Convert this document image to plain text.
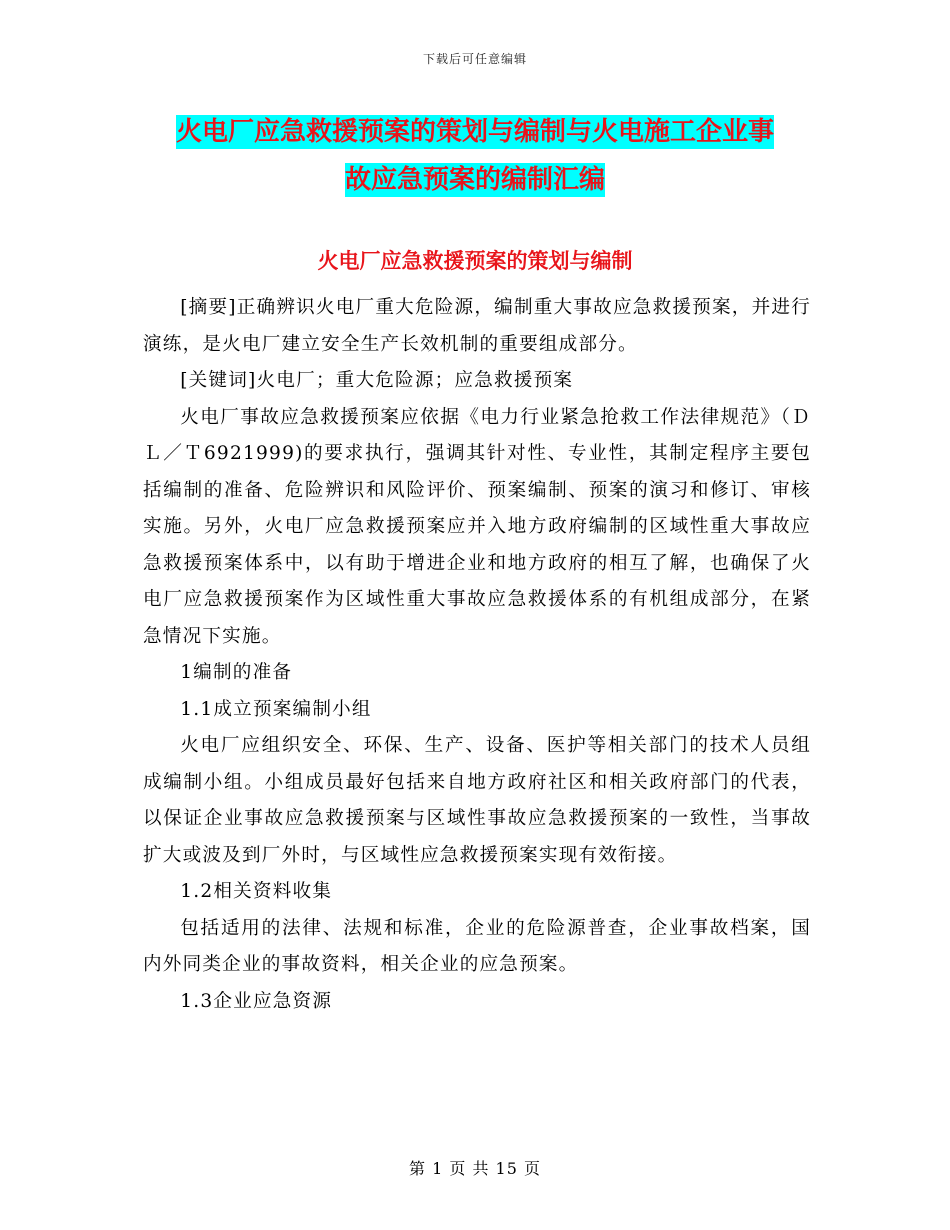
下载后可任意编辑
火电厂应急救援预案的策划与编制与火电施工企业事
故应急预案的编制汇编
火电厂应急救援预案的策划与编制

[摘要]正确辨识火电厂重大危险源，编制重大事故应急救援预案，并进行演练，是火电厂建立安全生产长效机制的重要组成部分。

[关键词]火电厂；重大危险源；应急救援预案

火电厂事故应急救援预案应依据《电力行业紧急抢救工作法律规范》（ＤＬ／Ｔ6921999)的要求执行，强调其针对性、专业性，其制定程序主要包括编制的准备、危险辨识和风险评价、预案编制、预案的演习和修订、审核实施。另外，火电厂应急救援预案应并入地方政府编制的区域性重大事故应急救援预案体系中，以有助于增进企业和地方政府的相互了解，也确保了火电厂应急救援预案作为区域性重大事故应急救援体系的有机组成部分，在紧急情况下实施。

1编制的准备

1.1成立预案编制小组

火电厂应组织安全、环保、生产、设备、医护等相关部门的技术人员组成编制小组。小组成员最好包括来自地方政府社区和相关政府部门的代表，以保证企业事故应急救援预案与区域性事故应急救援预案的一致性，当事故扩大或波及到厂外时，与区域性应急救援预案实现有效衔接。

1.2相关资料收集

包括适用的法律、法规和标准，企业的危险源普查，企业事故档案，国内外同类企业的事故资料，相关企业的应急预案。

1.3企业应急资源

第 1 页 共 15 页
